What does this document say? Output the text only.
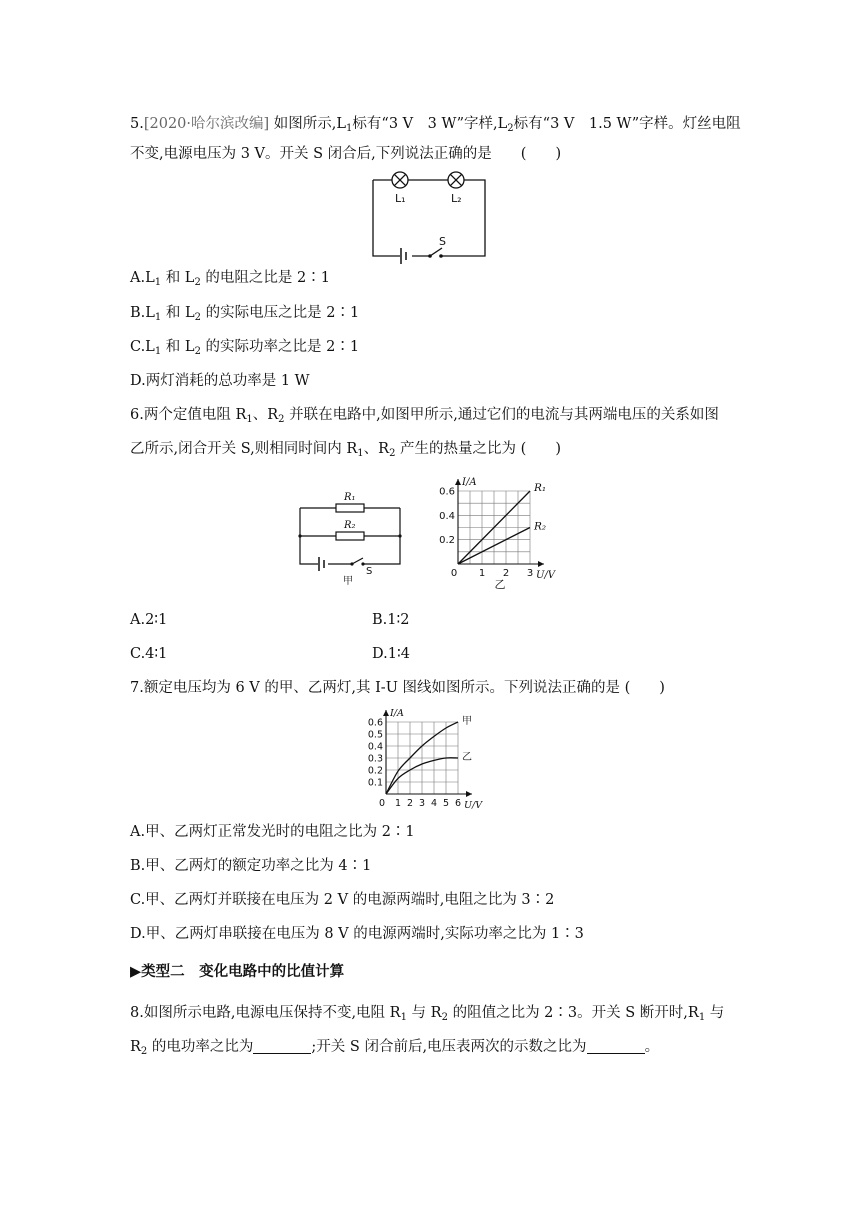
5.[2020·哈尔滨改编] 如图所示$,L_1$标有“3 V　3 W”字样$,L_2$标有“3 V　1.5 W”字样。灯丝电阻
不变,电源电压为 3 V。开关 S 闭合后,下列说法正确的是　　(　　)
L₁	L₂
S
$A.L_1$ 和 $L_2$ 的电阻之比是 2∶1
$B.L_1$ 和 $L_2$ 的实际电压之比是 2∶1
$C.L_1$ 和 $L_2$ 的实际功率之比是 2∶1
D.两灯消耗的总功率是 1 W
6.两个定值电阻 $R_1$、$R_2$ 并联在电路中,如图甲所示,通过它们的电流与其两端电压的关系如图
乙所示,闭合开关 S,则相同时间内 $R_1$、$R_2$ 产生的热量之比为 (　　)
R₁
R₂
S
甲
I/A
U/V
0 1 2 3
0.2
0.4
0.6	R₁
R₂
乙
A.2∶1	B.1∶2
C.4∶1	D.1∶4
7.额定电压均为 6 V 的甲、乙两灯,其 I-U 图线如图所示。下列说法正确的是 (　　)
I/A
U/V
0 1 2 3 4 5 6
0.1
0.2
0.3
0.4
0.5
0.6	甲
乙
A.甲、乙两灯正常发光时的电阻之比为 2∶1
B.甲、乙两灯的额定功率之比为 4∶1
C.甲、乙两灯并联接在电压为 2 V 的电源两端时,电阻之比为 3∶2
D.甲、乙两灯串联接在电压为 8 V 的电源两端时,实际功率之比为 1∶3
▶类型二　变化电路中的比值计算
8.如图所示电路,电源电压保持不变,电阻 $R_1$ 与 $R_2$ 的阻值之比为 2∶3。开关 S 断开时$,R_1$ 与
$R_2$ 的电功率之比为	;开关 S 闭合前后,电压表两次的示数之比为	。
